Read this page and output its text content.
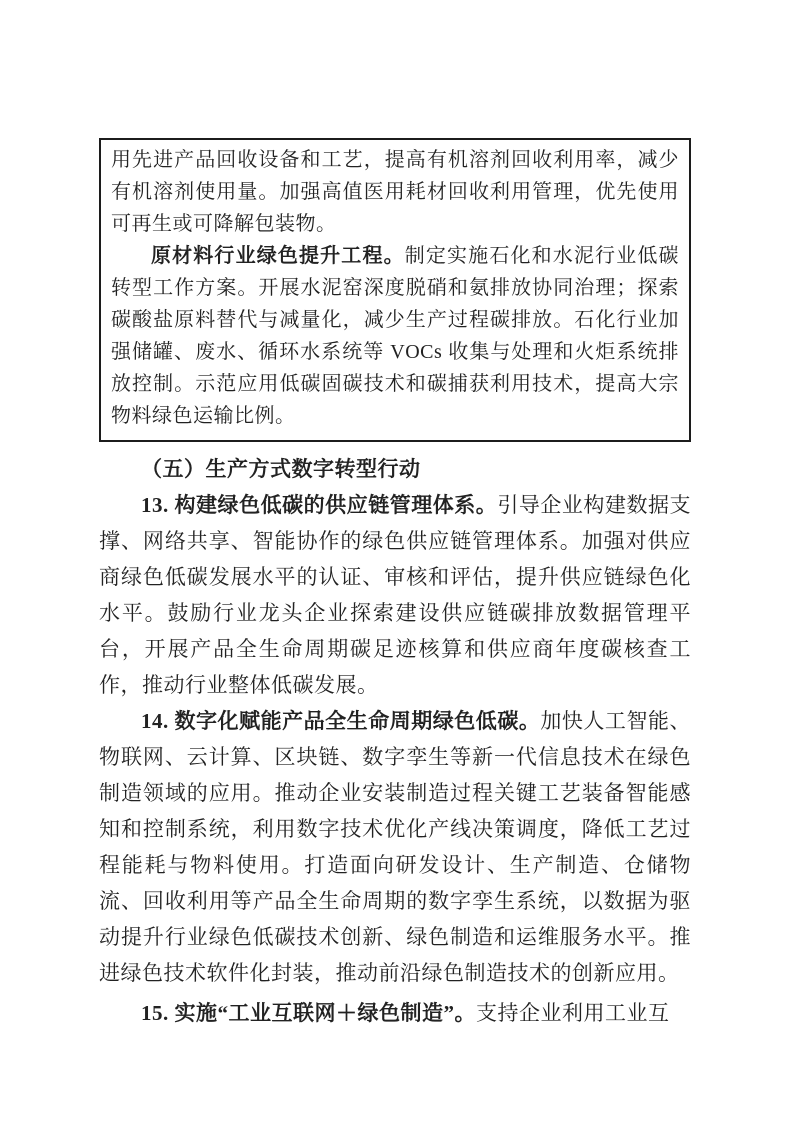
用先进产品回收设备和工艺，提高有机溶剂回收利用率，减少有机溶剂使用量。加强高值医用耗材回收利用管理，优先使用可再生或可降解包装物。

原材料行业绿色提升工程。制定实施石化和水泥行业低碳转型工作方案。开展水泥窑深度脱硝和氨排放协同治理；探索碳酸盐原料替代与减量化，减少生产过程碳排放。石化行业加强储罐、废水、循环水系统等 VOCs 收集与处理和火炬系统排放控制。示范应用低碳固碳技术和碳捕获利用技术，提高大宗物料绿色运输比例。

（五）生产方式数字转型行动

13. 构建绿色低碳的供应链管理体系。引导企业构建数据支撑、网络共享、智能协作的绿色供应链管理体系。加强对供应商绿色低碳发展水平的认证、审核和评估，提升供应链绿色化水平。鼓励行业龙头企业探索建设供应链碳排放数据管理平台，开展产品全生命周期碳足迹核算和供应商年度碳核查工作，推动行业整体低碳发展。

14. 数字化赋能产品全生命周期绿色低碳。加快人工智能、物联网、云计算、区块链、数字孪生等新一代信息技术在绿色制造领域的应用。推动企业安装制造过程关键工艺装备智能感知和控制系统，利用数字技术优化产线决策调度，降低工艺过程能耗与物料使用。打造面向研发设计、生产制造、仓储物流、回收利用等产品全生命周期的数字孪生系统，以数据为驱动提升行业绿色低碳技术创新、绿色制造和运维服务水平。推进绿色技术软件化封装，推动前沿绿色制造技术的创新应用。

15. 实施“工业互联网＋绿色制造”。支持企业利用工业互
